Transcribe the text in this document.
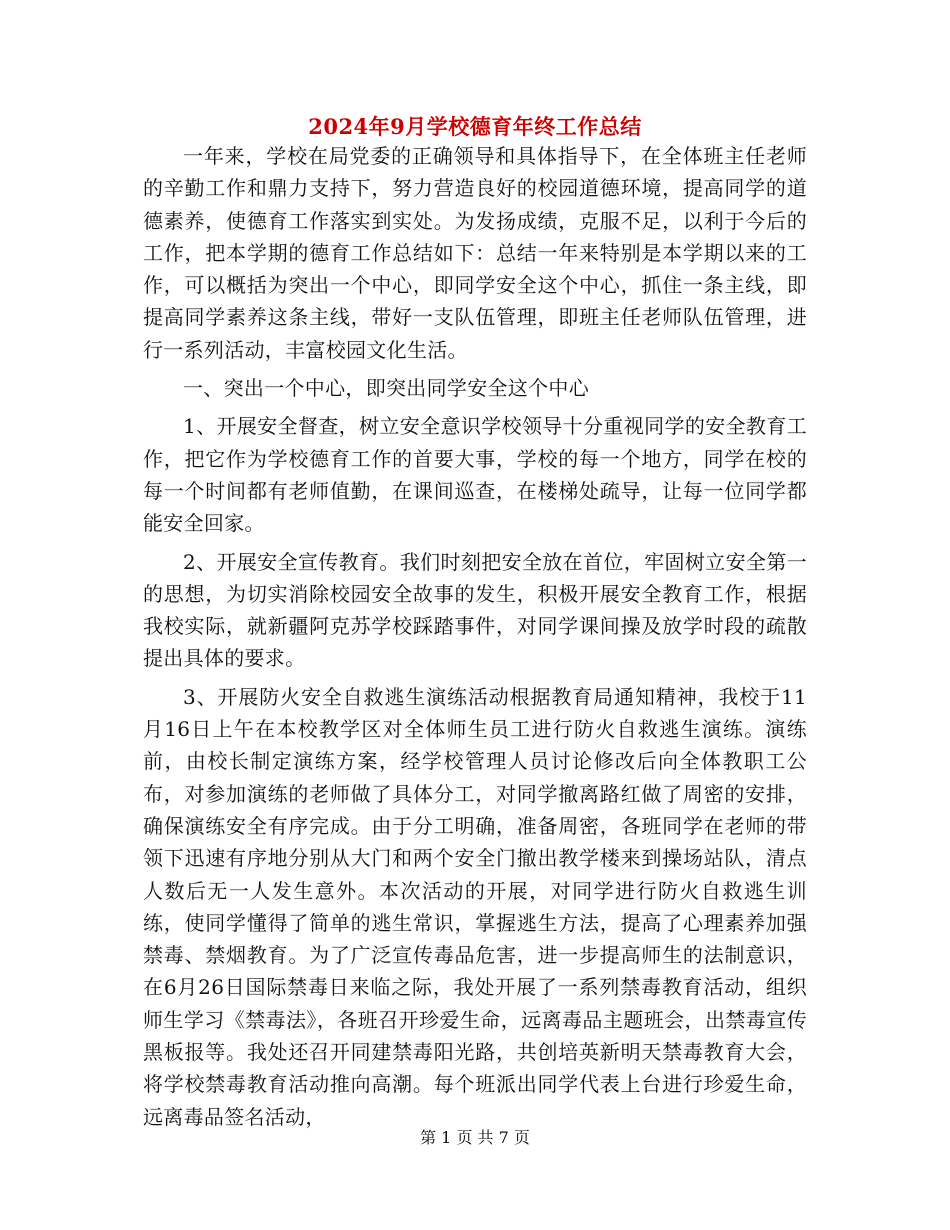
2024年9月学校德育年终工作总结

一年来，学校在局党委的正确领导和具体指导下，在全体班主任老师的辛勤工作和鼎力支持下，努力营造良好的校园道德环境，提高同学的道德素养，使德育工作落实到实处。为发扬成绩，克服不足，以利于今后的工作，把本学期的德育工作总结如下：总结一年来特别是本学期以来的工作，可以概括为突出一个中心，即同学安全这个中心，抓住一条主线，即提高同学素养这条主线，带好一支队伍管理，即班主任老师队伍管理，进行一系列活动，丰富校园文化生活。

一、突出一个中心，即突出同学安全这个中心

1、开展安全督查，树立安全意识学校领导十分重视同学的安全教育工作，把它作为学校德育工作的首要大事，学校的每一个地方，同学在校的每一个时间都有老师值勤，在课间巡查，在楼梯处疏导，让每一位同学都能安全回家。

2、开展安全宣传教育。我们时刻把安全放在首位，牢固树立安全第一的思想，为切实消除校园安全故事的发生，积极开展安全教育工作，根据我校实际，就新疆阿克苏学校踩踏事件，对同学课间操及放学时段的疏散提出具体的要求。

3、开展防火安全自救逃生演练活动根据教育局通知精神，我校于11月16日上午在本校教学区对全体师生员工进行防火自救逃生演练。演练前，由校长制定演练方案，经学校管理人员讨论修改后向全体教职工公布，对参加演练的老师做了具体分工，对同学撤离路红做了周密的安排，确保演练安全有序完成。由于分工明确，准备周密，各班同学在老师的带领下迅速有序地分别从大门和两个安全门撤出教学楼来到操场站队，清点人数后无一人发生意外。本次活动的开展，对同学进行防火自救逃生训练，使同学懂得了简单的逃生常识，掌握逃生方法，提高了心理素养加强禁毒、禁烟教育。为了广泛宣传毒品危害，进一步提高师生的法制意识，在6月26日国际禁毒日来临之际，我处开展了一系列禁毒教育活动，组织师生学习《禁毒法》，各班召开珍爱生命，远离毒品主题班会，出禁毒宣传黑板报等。我处还召开同建禁毒阳光路，共创培英新明天禁毒教育大会，将学校禁毒教育活动推向高潮。每个班派出同学代表上台进行珍爱生命，远离毒品签名活动，

第 1 页 共 7 页
